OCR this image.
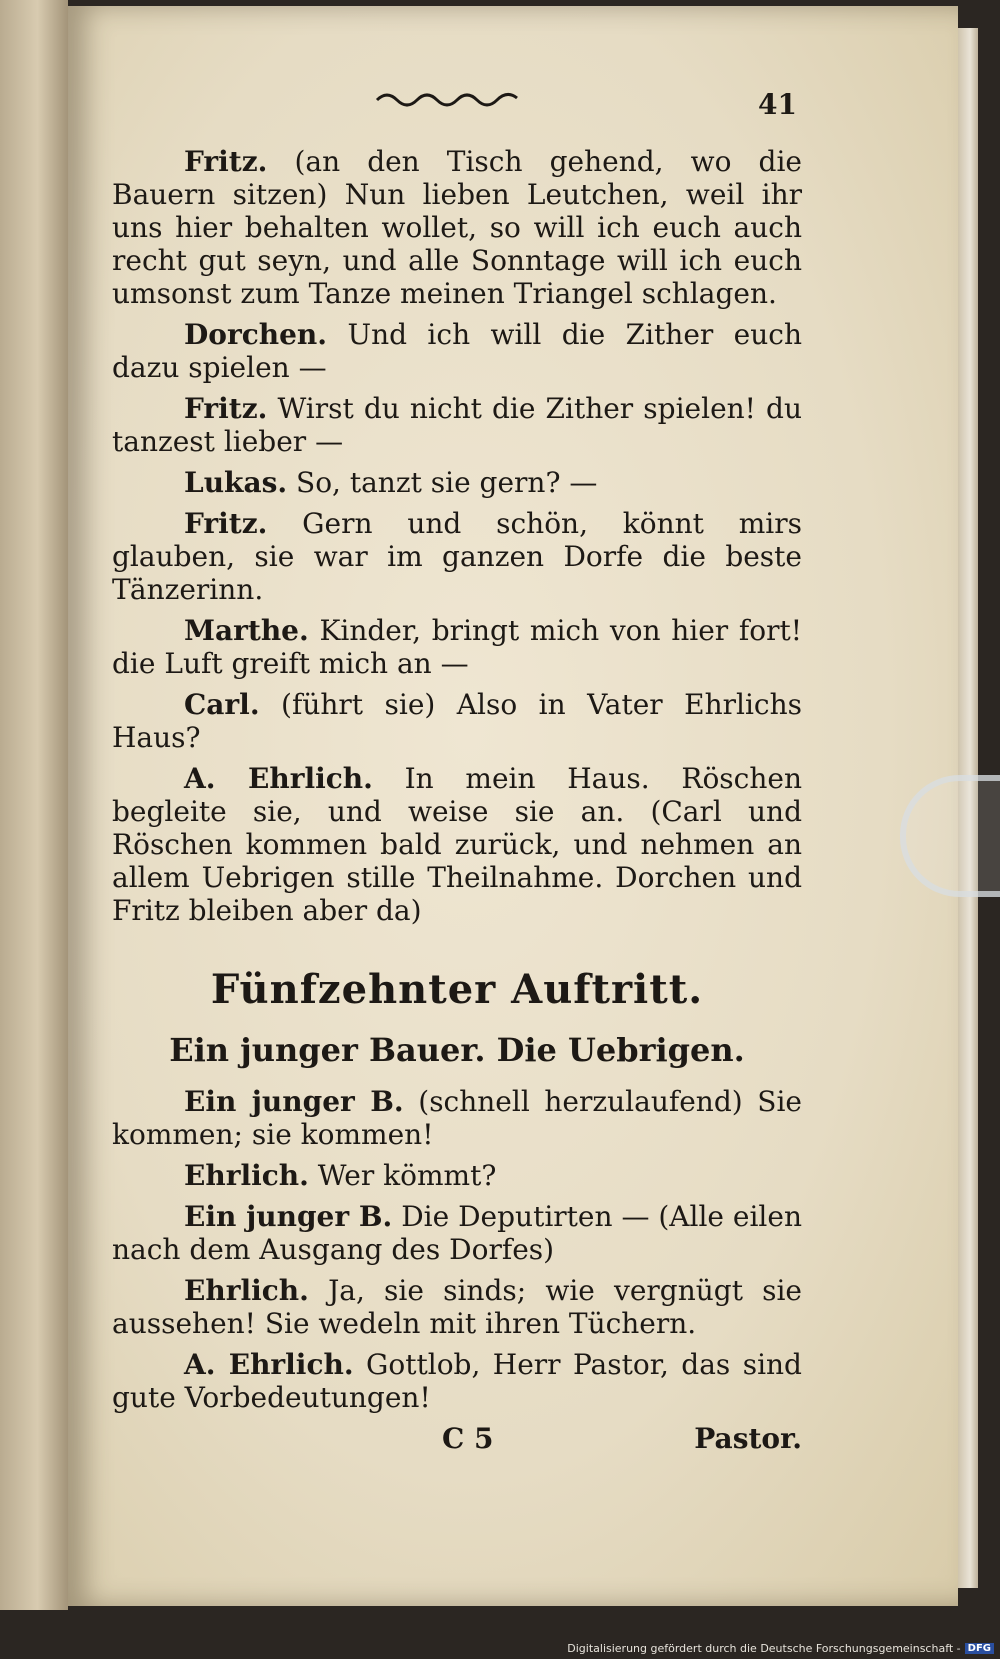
41

Fritz. (an den Tisch gehend, wo die Bauern sitzen) Nun lieben Leutchen, weil ihr uns hier behalten wollet, so will ich euch auch recht gut seyn, und alle Sonntage will ich euch umsonst zum Tanze meinen Triangel schlagen.

Dorchen. Und ich will die Zither euch dazu spielen —

Fritz. Wirst du nicht die Zither spielen! du tanzest lieber —

Lukas. So, tanzt sie gern? —

Fritz. Gern und schön, könnt mirs glauben, sie war im ganzen Dorfe die beste Tänzerinn.

Marthe. Kinder, bringt mich von hier fort! die Luft greift mich an —

Carl. (führt sie) Also in Vater Ehrlichs Haus?

A. Ehrlich. In mein Haus. Röschen begleite sie, und weise sie an. (Carl und Röschen kommen bald zurück, und nehmen an allem Uebrigen stille Theilnahme. Dorchen und Fritz bleiben aber da)

Fünfzehnter Auftritt.
Ein junger Bauer. Die Uebrigen.

Ein junger B. (schnell herzulaufend) Sie kommen; sie kommen!

Ehrlich. Wer kömmt?

Ein junger B. Die Deputirten — (Alle eilen nach dem Ausgang des Dorfes)

Ehrlich. Ja, sie sinds; wie vergnügt sie aussehen! Sie wedeln mit ihren Tüchern.

A. Ehrlich. Gottlob, Herr Pastor, das sind gute Vorbedeutungen!

C 5	Pastor.
Digitalisierung gefördert durch die Deutsche Forschungsgemeinschaft - DFG
